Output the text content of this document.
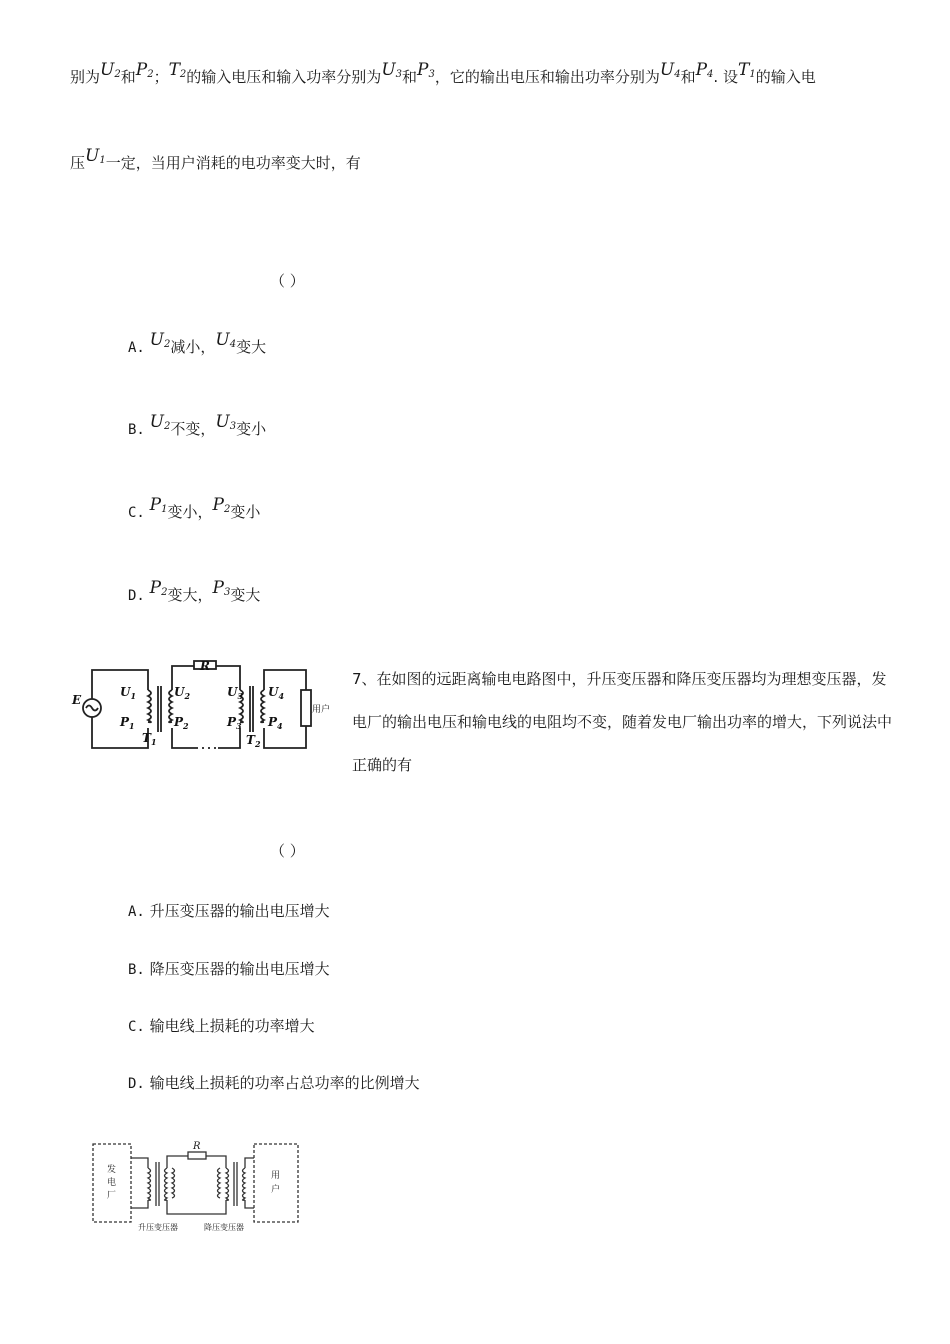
别为$U_2$和$P_2$；$T_2$的输入电压和输入功率分别为$U_3$和$P_3$，它的输出电压和输出功率分别为$U_4$和$P_4$. 设$T_1$的输入电
压$U_1$一定，当用户消耗的电功率变大时，有
（ ）
A. $U_2$减小，$U_4$变大
B. $U_2$不变，$U_3$变小
C. $P_1$变小，$P_2$变小
D. $P_2$变大，$P_3$变大
E
R
$U_1$
$P_1$
$U_2$
$P_2$
$U_3$
$P_3$
$U_4$
$P_4$
$T_1$	$T_2$
用户
7、在如图的远距离输电电路图中，升压变压器和降压变压器均为理想变压器，发电厂的输出电压和输电线的电阻均不变，随着发电厂输出功率的增大，下列说法中正确的有
（ ）
A. 升压变压器的输出电压增大
B. 降压变压器的输出电压增大
C. 输电线上损耗的功率增大
D. 输电线上损耗的功率占总功率的比例增大
R
发
电
厂
用
户
升压变压器	降压变压器
